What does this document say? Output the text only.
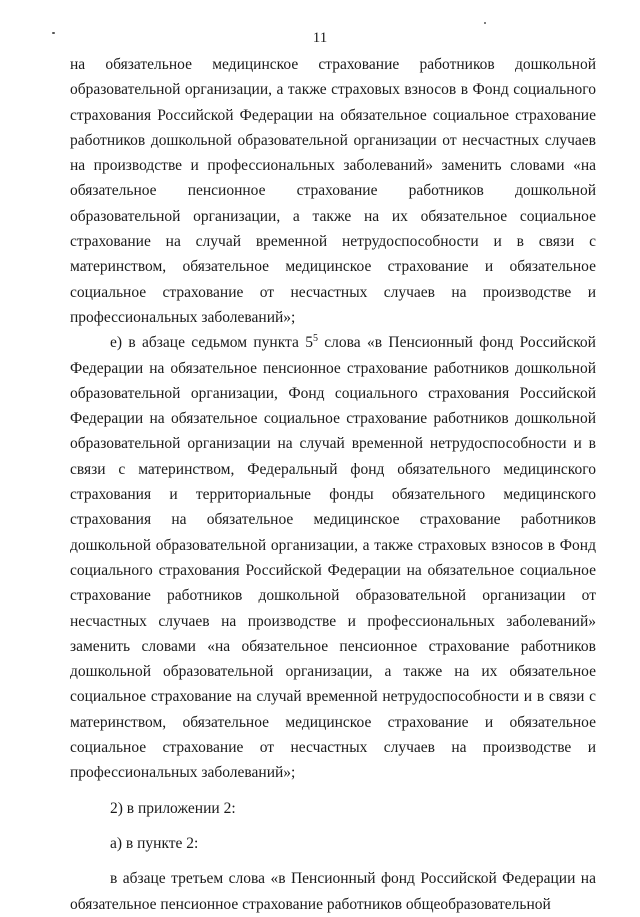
11

на обязательное медицинское страхование работников дошкольной образовательной организации, а также страховых взносов в Фонд социального страхования Российской Федерации на обязательное социальное страхование работников дошкольной образовательной организации от несчастных случаев на производстве и профессиональных заболеваний» заменить словами «на обязательное пенсионное страхование работников дошкольной образовательной организации, а также на их обязательное социальное страхование на случай временной нетрудоспособности и в связи с материнством, обязательное медицинское страхование и обязательное социальное страхование от несчастных случаев на производстве и профессиональных заболеваний»;

е) в абзаце седьмом пункта $5^5$ слова «в Пенсионный фонд Российской Федерации на обязательное пенсионное страхование работников дошкольной образовательной организации, Фонд социального страхования Российской Федерации на обязательное социальное страхование работников дошкольной образовательной организации на случай временной нетрудоспособности и в связи с материнством, Федеральный фонд обязательного медицинского страхования и территориальные фонды обязательного медицинского страхования на обязательное медицинское страхование работников дошкольной образовательной организации, а также страховых взносов в Фонд социального страхования Российской Федерации на обязательное социальное страхование работников дошкольной образовательной организации от несчастных случаев на производстве и профессиональных заболеваний» заменить словами «на обязательное пенсионное страхование работников дошкольной образовательной организации, а также на их обязательное социальное страхование на случай временной нетрудоспособности и в связи с материнством, обязательное медицинское страхование и обязательное социальное страхование от несчастных случаев на производстве и профессиональных заболеваний»;

2) в приложении 2:

а) в пункте 2:

в абзаце третьем слова «в Пенсионный фонд Российской Федерации на обязательное пенсионное страхование работников общеобразовательной
